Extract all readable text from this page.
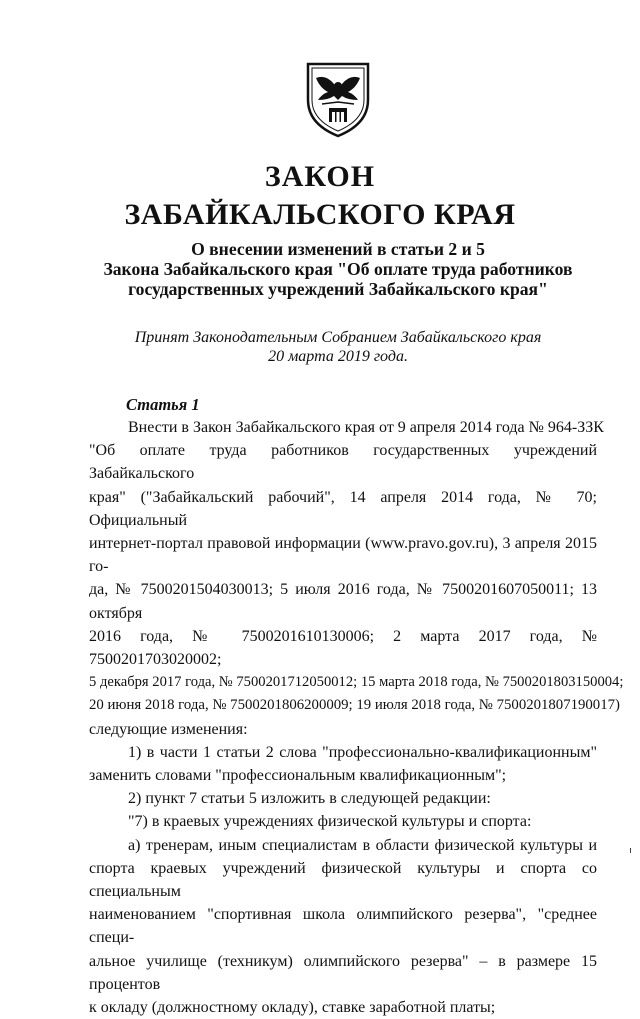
ЗАКОН
ЗАБАЙКАЛЬСКОГО КРАЯ
О внесении изменений в статьи 2 и 5
Закона Забайкальского края "Об оплате труда работников
государственных учреждений Забайкальского края"
Принят Законодательным Собранием Забайкальского края
20 марта 2019 года.
Статья 1
Внести в Закон Забайкальского края от 9 апреля 2014 года № 964-ЗЗК
"Об оплате труда работников государственных учреждений Забайкальского
края" ("Забайкальский рабочий", 14 апреля 2014 года, № 70; Официальный
интернет-портал правовой информации (www.pravo.gov.ru), 3 апреля 2015 го-
да, № 7500201504030013; 5 июля 2016 года, № 7500201607050011; 13 октября
2016 года, № 7500201610130006; 2 марта 2017 года, № 7500201703020002;
5 декабря 2017 года, № 7500201712050012; 15 марта 2018 года, № 7500201803150004;
20 июня 2018 года, № 7500201806200009; 19 июля 2018 года, № 7500201807190017)
следующие изменения:
1) в части 1 статьи 2 слова "профессионально-квалификационным"
заменить словами "профессиональным квалификационным";
2) пункт 7 статьи 5 изложить в следующей редакции:
"7) в краевых учреждениях физической культуры и спорта:
а) тренерам, иным специалистам в области физической культуры и
спорта краевых учреждений физической культуры и спорта со специальным
наименованием "спортивная школа олимпийского резерва", "среднее специ-
альное училище (техникум) олимпийского резерва" – в размере 15 процентов
к окладу (должностному окладу), ставке заработной платы;
